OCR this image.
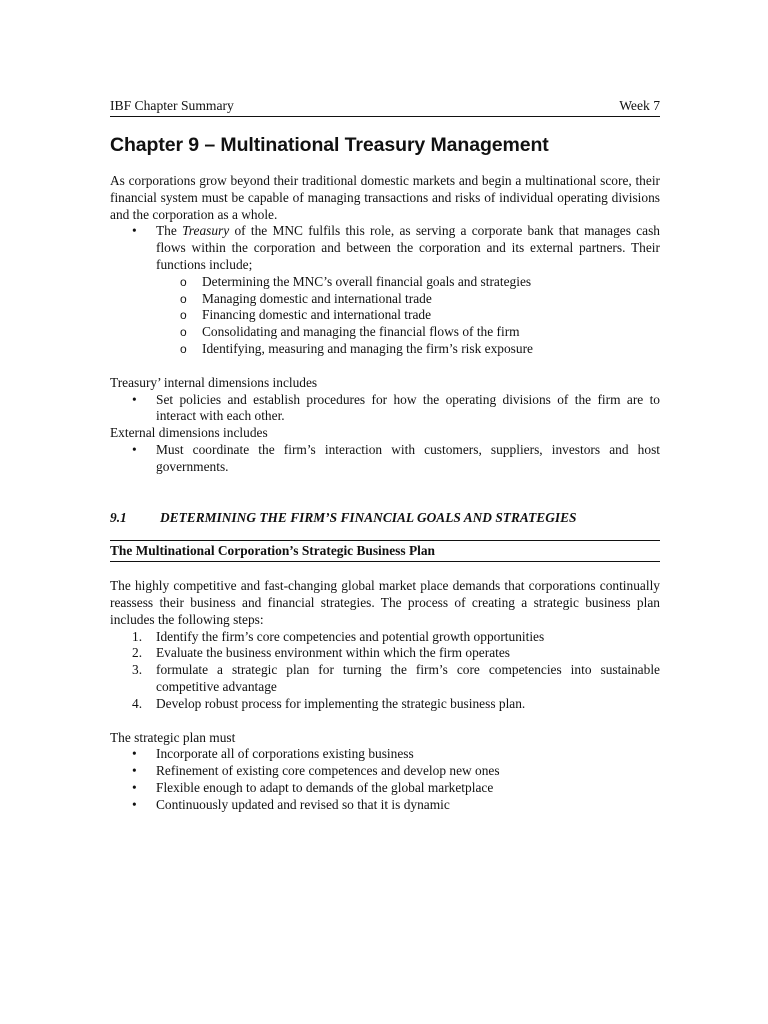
IBF Chapter Summary	Week 7
Chapter 9 – Multinational Treasury Management

As corporations grow beyond their traditional domestic markets and begin a multinational score, their financial system must be capable of managing transactions and risks of individual operating divisions and the corporation as a whole.

• The Treasury of the MNC fulfils this role, as serving a corporate bank that manages cash flows within the corporation and between the corporation and its external partners. Their functions include;
o Determining the MNC’s overall financial goals and strategies
o Managing domestic and international trade
o Financing domestic and international trade
o Consolidating and managing the financial flows of the firm
o Identifying, measuring and managing the firm’s risk exposure

Treasury’ internal dimensions includes

• Set policies and establish procedures for how the operating divisions of the firm are to interact with each other.

External dimensions includes

• Must coordinate the firm’s interaction with customers, suppliers, investors and host governments.
9.1	DETERMINING THE FIRM’S FINANCIAL GOALS AND STRATEGIES
The Multinational Corporation’s Strategic Business Plan

The highly competitive and fast-changing global market place demands that corporations continually reassess their business and financial strategies. The process of creating a strategic business plan includes the following steps:

1. Identify the firm’s core competencies and potential growth opportunities
2. Evaluate the business environment within which the firm operates
3. formulate a strategic plan for turning the firm’s core competencies into sustainable competitive advantage
4. Develop robust process for implementing the strategic business plan.

The strategic plan must

• Incorporate all of corporations existing business
• Refinement of existing core competences and develop new ones
• Flexible enough to adapt to demands of the global marketplace
• Continuously updated and revised so that it is dynamic
